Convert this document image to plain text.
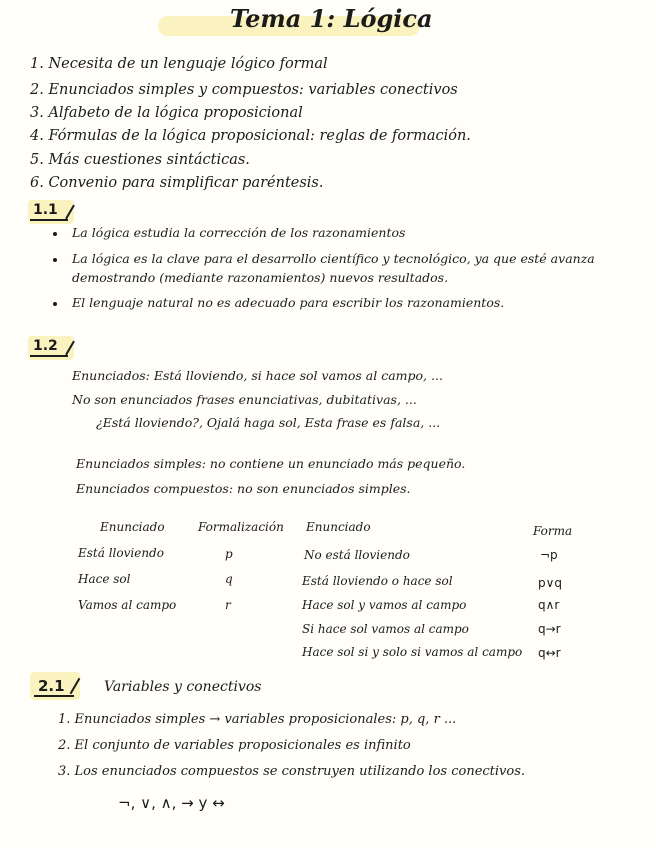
Tema 1: Lógica
1. Necesita de un lenguaje lógico formal
2. Enunciados simples y compuestos: variables conectivos
3. Alfabeto de la lógica proposicional
4. Fórmulas de la lógica proposicional: reglas de formación.
5. Más cuestiones sintácticas.
6. Convenio para simplificar paréntesis.
1.1
La lógica estudia la corrección de los razonamientos
La lógica es la clave para el desarrollo científico y tecnológico, ya que esté avanza
demostrando (mediante razonamientos) nuevos resultados.
El lenguaje natural no es adecuado para escribir los razonamientos.
1.2
Enunciados: Está lloviendo, si hace sol vamos al campo, ...
No son enunciados frases enunciativas, dubitativas, ...
¿Está lloviendo?, Ojalá haga sol, Esta frase es falsa, ...
Enunciados simples: no contiene un enunciado más pequeño.
Enunciados compuestos: no son enunciados simples.
Enunciado	Formalización
Está lloviendo	p
Hace sol	q
Vamos al campo	r
Enunciado	Forma
No está lloviendo	¬p
Está lloviendo o hace sol	p∨q
Hace sol y vamos al campo	q∧r
Si hace sol vamos al campo	q→r
Hace sol si y solo si vamos al campo q↔r
2.1	Variables y conectivos
1. Enunciados simples → variables proposicionales: p, q, r ...
2. El conjunto de variables proposicionales es infinito
3. Los enunciados compuestos se construyen utilizando los conectivos.
¬, ∨, ∧, → y ↔
